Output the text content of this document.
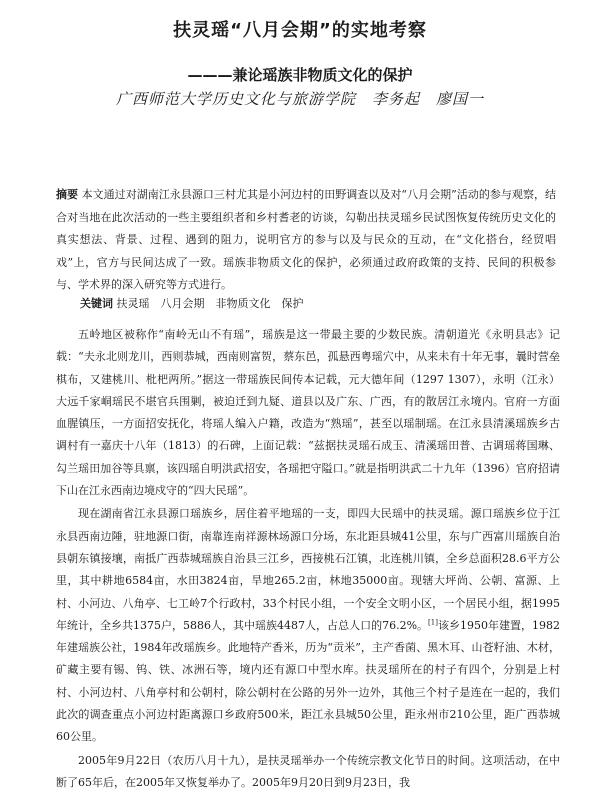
扶灵瑶“八月会期”的实地考察
———兼论瑶族非物质文化的保护
广西师范大学历史文化与旅游学院　李务起　廖国一
摘要 本文通过对湖南江永县源口三村尤其是小河边村的田野调查以及对“八月会期”活动的参与观察，结合对当地在此次活动的一些主要组织者和乡村耆老的访谈，勾勒出扶灵瑶乡民试图恢复传统历史文化的真实想法、背景、过程、遇到的阻力，说明官方的参与以及与民众的互动，在“文化搭台，经贸唱戏”上，官方与民间达成了一致。瑶族非物质文化的保护，必须通过政府政策的支持、民间的积极参与、学术界的深入研究等方式进行。
关键词 扶灵瑶　八月会期　非物质文化　保护

五岭地区被称作“南岭无山不有瑶”，瑶族是这一带最主要的少数民族。清朝道光《永明县志》记载：“夫永北则龙川，西则恭城，西南则富贺，蔡东邑，孤悬西粤瑶穴中，从来未有十年无事，曩时营垒棋布，又建桃川、枇杷两所。”据这一带瑶族民间传本记载，元大德年间（1297 1307），永明（江永）大远千家峒瑶民不堪官兵围剿，被迫迁到九疑、道县以及广东、广西，有的散居江永境内。官府一方面血腥镇压，一方面招安抚化，将瑶人编入户籍，改造为“熟瑶”，甚至以瑶制瑶。在江永县清溪瑶族乡古调村有一嘉庆十八年（1813）的石碑，上面记载：“兹据扶灵瑶石成玉、清溪瑶田普、古调瑶蒋国琳、勾兰瑶田加谷等具禀，该四瑶自明洪武招安，各瑶把守隘口。”就是指明洪武二十九年（1396）官府招请下山在江永西南边境戍守的“四大民瑶”。

现在湖南省江永县源口瑶族乡，居住着平地瑶的一支，即四大民瑶中的扶灵瑶。源口瑶族乡位于江永县西南边陲，驻地源口街，南靠连南祥源林场源口分场，东北距县城41公里，东与广西富川瑶族自治县朝东镇接壤，南抵广西恭城瑶族自治县三江乡，西接桃石江镇，北连桃川镇，全乡总面积28.6平方公里，其中耕地6584亩，水田3824亩，旱地265.2亩，林地35000亩。现辖大坪尚、公朝、富源、上村、小河边、八角亭、七工岭7个行政村，33个村民小组，一个安全文明小区，一个居民小组，据1995年统计，全乡共1375户，5886人，其中瑶族4487人，占总人口的76.2%。[1]该乡1950年建置，1982年建瑶族公社，1984年改瑶族乡。此地特产香米，历为“贡米”，主产香菌、黑木耳、山苍籽油、木材，矿藏主要有锡、钨、铁、冰洲石等，境内还有源口中型水库。扶灵瑶所在的村子有四个，分别是上村村、小河边村、八角亭村和公朝村，除公朝村在公路的另外一边外，其他三个村子是连在一起的，我们此次的调查重点小河边村距离源口乡政府500米，距江永县城50公里，距永州市210公里，距广西恭城60公里。

2005年9月22日（农历八月十九），是扶灵瑶举办一个传统宗教文化节日的时间。这项活动，在中断了65年后，在2005年又恢复举办了。2005年9月20日到9月23日，我
